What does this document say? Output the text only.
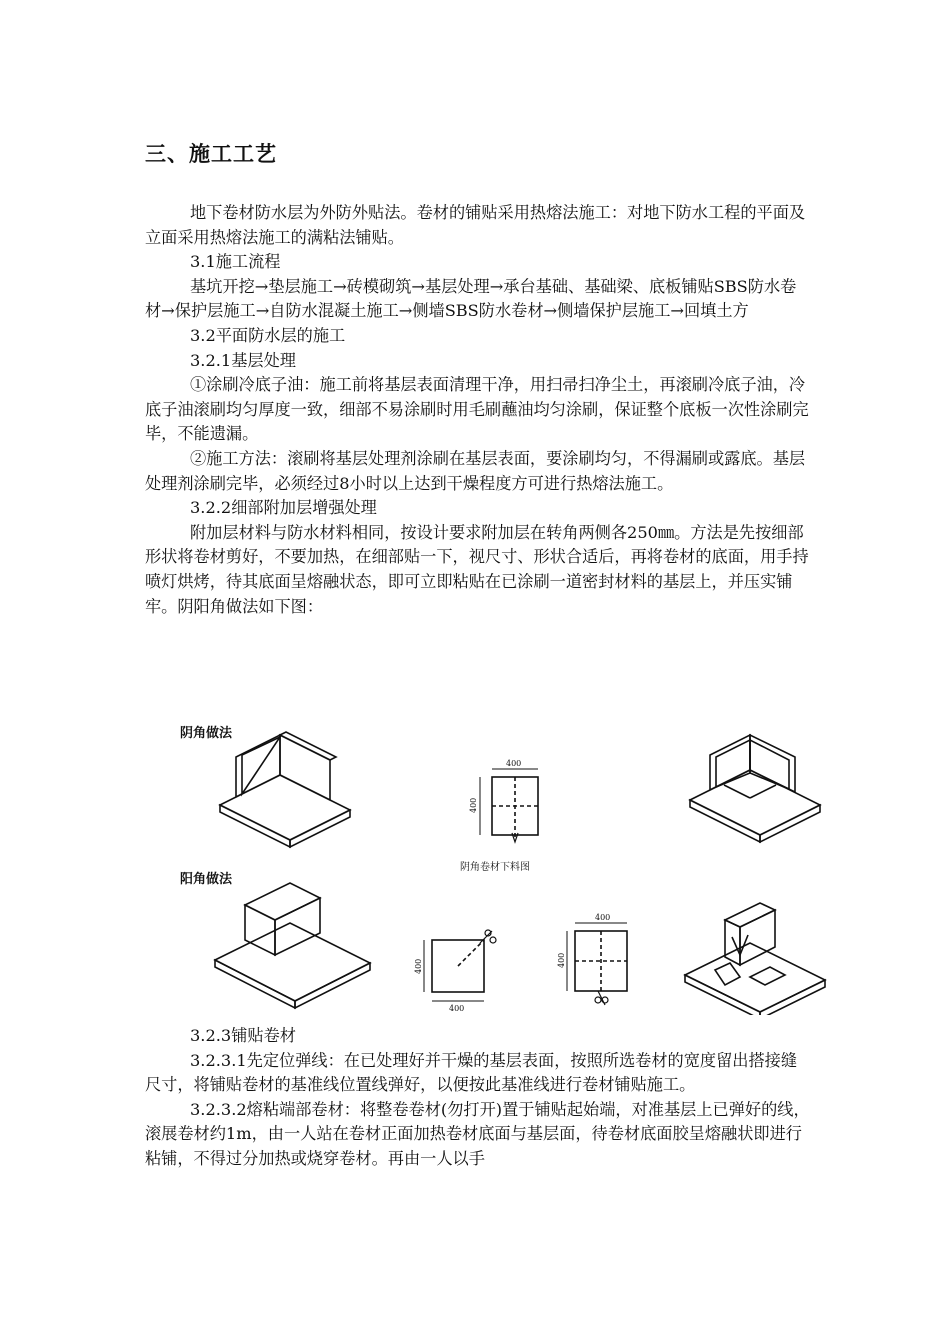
三、施工工艺

地下卷材防水层为外防外贴法。卷材的铺贴采用热熔法施工：对地下防水工程的平面及立面采用热熔法施工的满粘法铺贴。

3.1施工流程

基坑开挖→垫层施工→砖模砌筑→基层处理→承台基础、基础梁、底板铺贴SBS防水卷材→保护层施工→自防水混凝土施工→侧墙SBS防水卷材→侧墙保护层施工→回填土方

3.2平面防水层的施工

3.2.1基层处理

①涂刷冷底子油：施工前将基层表面清理干净，用扫帚扫净尘土，再滚刷冷底子油，冷底子油滚刷均匀厚度一致，细部不易涂刷时用毛刷蘸油均匀涂刷，保证整个底板一次性涂刷完毕，不能遗漏。

②施工方法：滚刷将基层处理剂涂刷在基层表面，要涂刷均匀，不得漏刷或露底。基层处理剂涂刷完毕，必须经过8小时以上达到干燥程度方可进行热熔法施工。

3.2.2细部附加层增强处理

附加层材料与防水材料相同，按设计要求附加层在转角两侧各250㎜。方法是先按细部形状将卷材剪好，不要加热，在细部贴一下，视尺寸、形状合适后，再将卷材的底面，用手持喷灯烘烤，待其底面呈熔融状态，即可立即粘贴在已涂刷一道密封材料的基层上，并压实铺牢。阴阳角做法如下图：

阴角做法
阳角做法
阴角卷材下料图
400
400
400
400
400
400

3.2.3铺贴卷材

3.2.3.1先定位弹线：在已处理好并干燥的基层表面，按照所选卷材的宽度留出搭接缝尺寸，将铺贴卷材的基准线位置线弹好，以便按此基准线进行卷材铺贴施工。

3.2.3.2熔粘端部卷材：将整卷卷材(勿打开)置于铺贴起始端，对准基层上已弹好的线，滚展卷材约1m，由一人站在卷材正面加热卷材底面与基层面，待卷材底面胶呈熔融状即进行粘铺，不得过分加热或烧穿卷材。再由一人以手
